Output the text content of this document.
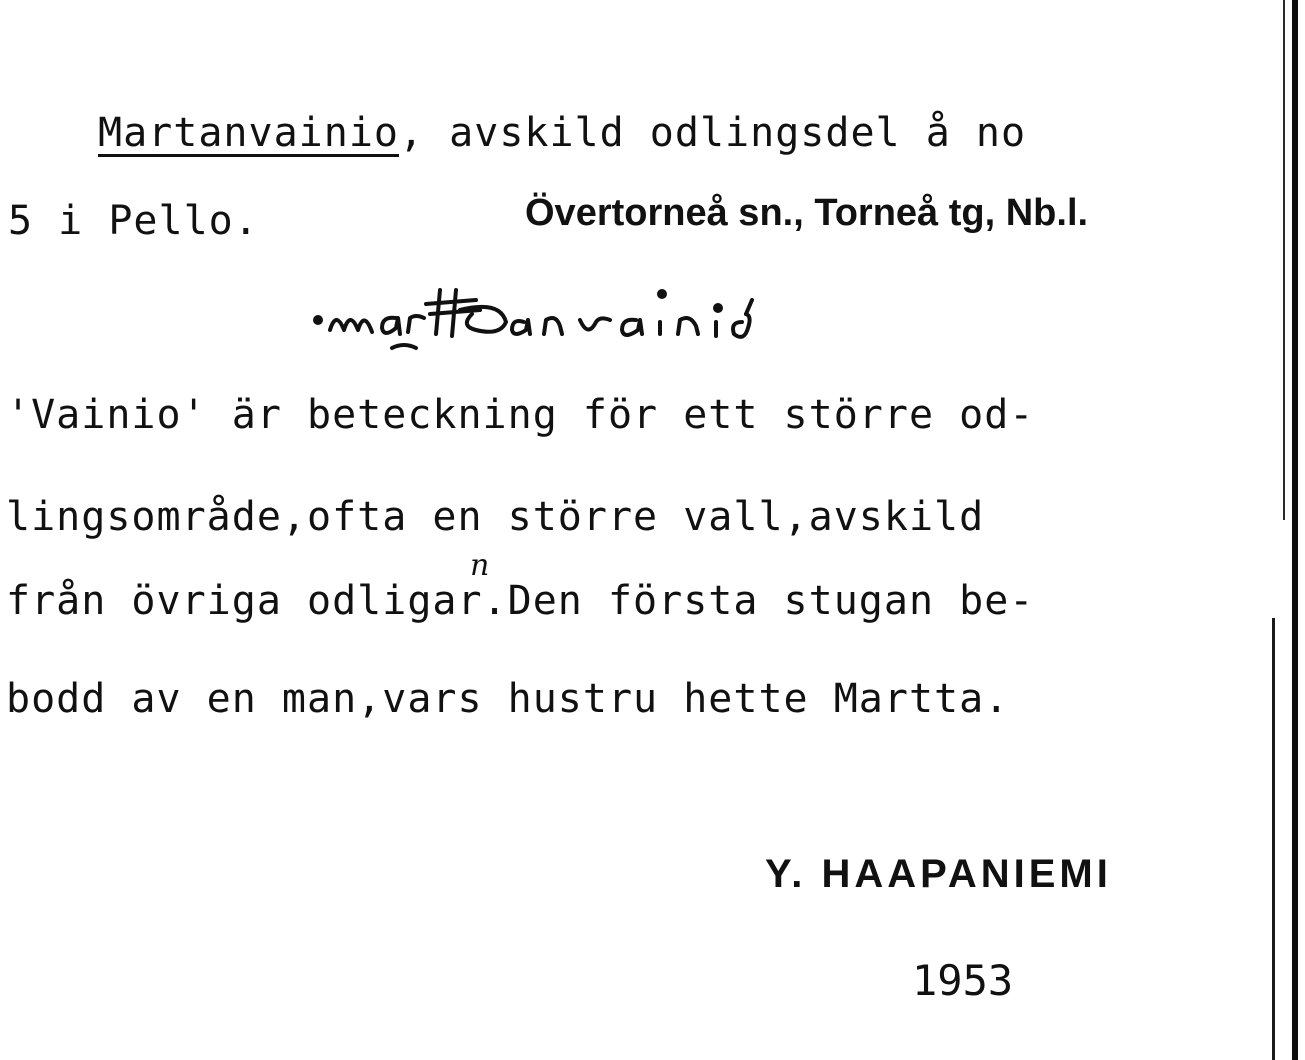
Martanvainio, avskild odlingsdel å no
5 i Pello.	Övertorneå sn., Torneå tg, Nb.l.
'Vainio' är beteckning för ett större od-
lingsområde,ofta en större vall,avskild
från övriga odligar.Den första stugan be-
bodd av en man,vars hustru hette Martta.
n
Y. HAAPANIEMI
1953
